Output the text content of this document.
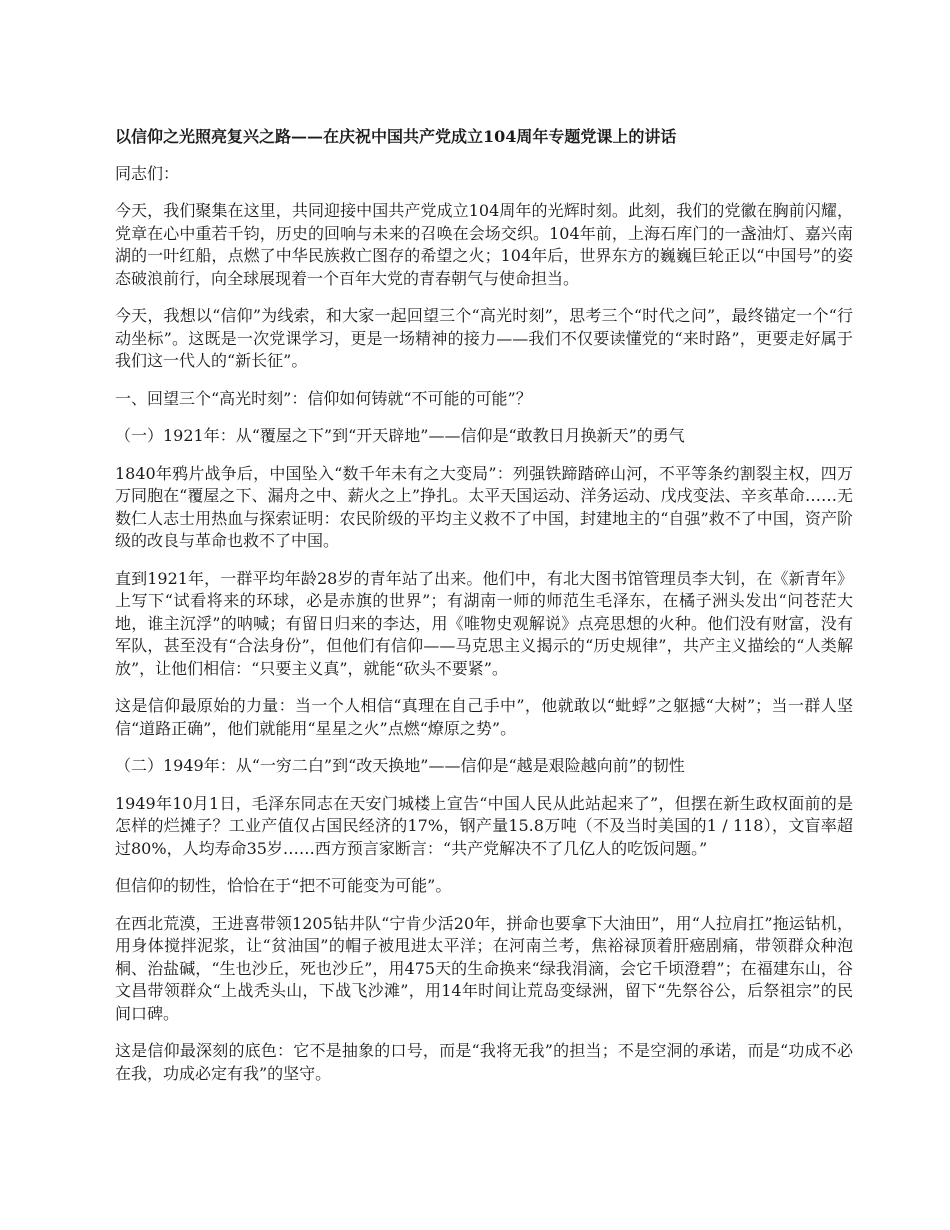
以信仰之光照亮复兴之路——在庆祝中国共产党成立104周年专题党课上的讲话
同志们：
今天，我们聚集在这里，共同迎接中国共产党成立104周年的光辉时刻。此刻，我们的党徽在胸前闪耀，党章在心中重若千钧，历史的回响与未来的召唤在会场交织。104年前，上海石库门的一盏油灯、嘉兴南湖的一叶红船，点燃了中华民族救亡图存的希望之火；104年后，世界东方的巍巍巨轮正以“中国号”的姿态破浪前行，向全球展现着一个百年大党的青春朝气与使命担当。
今天，我想以“信仰”为线索，和大家一起回望三个“高光时刻”，思考三个“时代之问”，最终锚定一个“行动坐标”。这既是一次党课学习，更是一场精神的接力——我们不仅要读懂党的“来时路”，更要走好属于我们这一代人的“新长征”。
一、回望三个“高光时刻”：信仰如何铸就“不可能的可能”？
（一）1921年：从“覆屋之下”到“开天辟地”——信仰是“敢教日月换新天”的勇气
1840年鸦片战争后，中国坠入“数千年未有之大变局”：列强铁蹄踏碎山河，不平等条约割裂主权，四万万同胞在“覆屋之下、漏舟之中、薪火之上”挣扎。太平天国运动、洋务运动、戊戌变法、辛亥革命……无数仁人志士用热血与探索证明：农民阶级的平均主义救不了中国，封建地主的“自强”救不了中国，资产阶级的改良与革命也救不了中国。
直到1921年，一群平均年龄28岁的青年站了出来。他们中，有北大图书馆管理员李大钊，在《新青年》上写下“试看将来的环球，必是赤旗的世界”；有湖南一师的师范生毛泽东，在橘子洲头发出“问苍茫大地，谁主沉浮”的呐喊；有留日归来的李达，用《唯物史观解说》点亮思想的火种。他们没有财富，没有军队，甚至没有“合法身份”，但他们有信仰——马克思主义揭示的“历史规律”，共产主义描绘的“人类解放”，让他们相信：“只要主义真”，就能“砍头不要紧”。
这是信仰最原始的力量：当一个人相信“真理在自己手中”，他就敢以“蚍蜉”之躯撼“大树”；当一群人坚信“道路正确”，他们就能用“星星之火”点燃“燎原之势”。
（二）1949年：从“一穷二白”到“改天换地”——信仰是“越是艰险越向前”的韧性
1949年10月1日，毛泽东同志在天安门城楼上宣告“中国人民从此站起来了”，但摆在新生政权面前的是怎样的烂摊子？工业产值仅占国民经济的17%，钢产量15.8万吨（不及当时美国的1 / 118），文盲率超过80%，人均寿命35岁……西方预言家断言：“共产党解决不了几亿人的吃饭问题。”
但信仰的韧性，恰恰在于“把不可能变为可能”。
在西北荒漠，王进喜带领1205钻井队“宁肯少活20年，拼命也要拿下大油田”，用“人拉肩扛”拖运钻机，用身体搅拌泥浆，让“贫油国”的帽子被甩进太平洋；在河南兰考，焦裕禄顶着肝癌剧痛，带领群众种泡桐、治盐碱，“生也沙丘，死也沙丘”，用475天的生命换来“绿我涓滴，会它千顷澄碧”；在福建东山，谷文昌带领群众“上战秃头山，下战飞沙滩”，用14年时间让荒岛变绿洲，留下“先祭谷公，后祭祖宗”的民间口碑。
这是信仰最深刻的底色：它不是抽象的口号，而是“我将无我”的担当；不是空洞的承诺，而是“功成不必在我，功成必定有我”的坚守。
